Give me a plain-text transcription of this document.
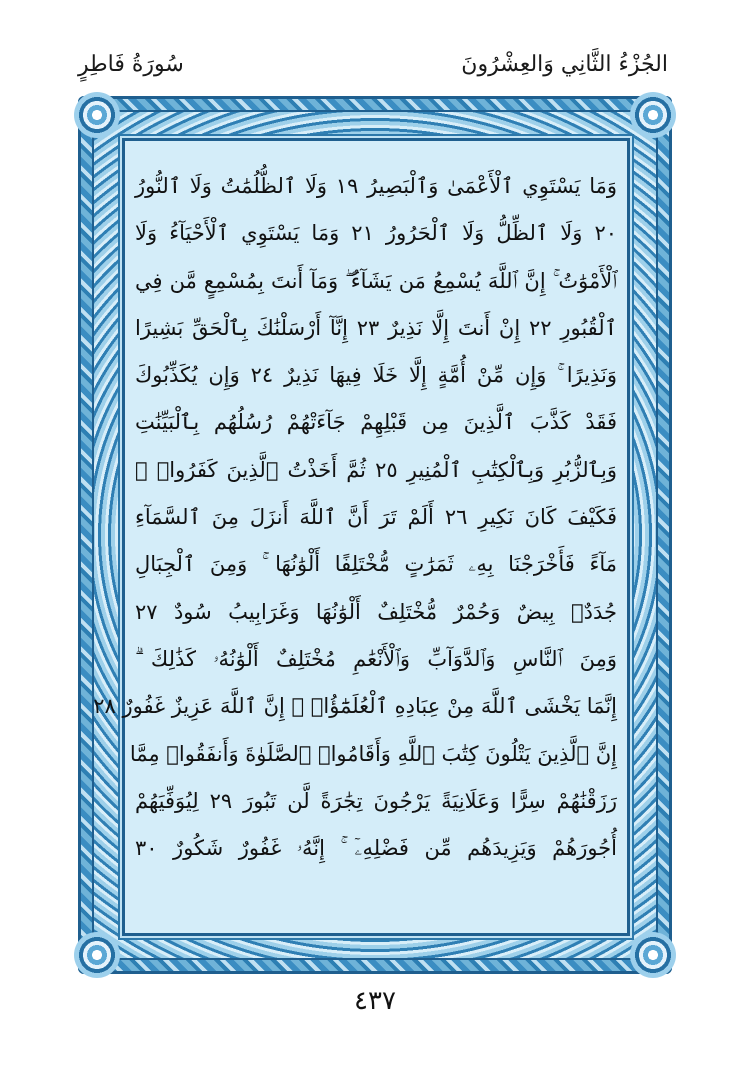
الجُزْءُ الثَّانِي وَالعِشْرُونَ
سُورَةُ فَاطِرٍ
وَمَا يَسْتَوِي ٱلْأَعْمَىٰ وَٱلْبَصِيرُ ١٩ وَلَا ٱلظُّلُمَٰتُ وَلَا ٱلنُّورُ
٢٠ وَلَا ٱلظِّلُّ وَلَا ٱلْحَرُورُ ٢١ وَمَا يَسْتَوِي ٱلْأَحْيَآءُ وَلَا
ٱلْأَمْوَٰتُ ۚ إِنَّ ٱللَّهَ يُسْمِعُ مَن يَشَآءُ ۖ وَمَآ أَنتَ بِمُسْمِعٍ مَّن فِي
ٱلْقُبُورِ ٢٢ إِنْ أَنتَ إِلَّا نَذِيرٌ ٢٣ إِنَّآ أَرْسَلْنَٰكَ بِٱلْحَقِّ بَشِيرًا
وَنَذِيرًا ۚ وَإِن مِّنْ أُمَّةٍ إِلَّا خَلَا فِيهَا نَذِيرٌ ٢٤ وَإِن يُكَذِّبُوكَ
فَقَدْ كَذَّبَ ٱلَّذِينَ مِن قَبْلِهِمْ جَآءَتْهُمْ رُسُلُهُم بِٱلْبَيِّنَٰتِ
وَبِٱلزُّبُرِ وَبِٱلْكِتَٰبِ ٱلْمُنِيرِ ٢٥ ثُمَّ أَخَذْتُ ٱلَّذِينَ كَفَرُوا۟ ۖ
فَكَيْفَ كَانَ نَكِيرِ ٢٦ أَلَمْ تَرَ أَنَّ ٱللَّهَ أَنزَلَ مِنَ ٱلسَّمَآءِ
مَآءً فَأَخْرَجْنَا بِهِۦ ثَمَرَٰتٍ مُّخْتَلِفًا أَلْوَٰنُهَا ۚ وَمِنَ ٱلْجِبَالِ
جُدَدٌۢ بِيضٌ وَحُمْرٌ مُّخْتَلِفٌ أَلْوَٰنُهَا وَغَرَابِيبُ سُودٌ ٢٧
وَمِنَ ٱلنَّاسِ وَٱلدَّوَآبِّ وَٱلْأَنْعَٰمِ مُخْتَلِفٌ أَلْوَٰنُهُۥ كَذَٰلِكَ ۗ
إِنَّمَا يَخْشَى ٱللَّهَ مِنْ عِبَادِهِ ٱلْعُلَمَٰٓؤُا۟ ۗ إِنَّ ٱللَّهَ عَزِيزٌ غَفُورٌ ٢٨
إِنَّ ٱلَّذِينَ يَتْلُونَ كِتَٰبَ ٱللَّهِ وَأَقَامُوا۟ ٱلصَّلَوٰةَ وَأَنفَقُوا۟ مِمَّا
رَزَقْنَٰهُمْ سِرًّا وَعَلَانِيَةً يَرْجُونَ تِجَٰرَةً لَّن تَبُورَ ٢٩ لِيُوَفِّيَهُمْ
أُجُورَهُمْ وَيَزِيدَهُم مِّن فَضْلِهِۦٓ ۚ إِنَّهُۥ غَفُورٌ شَكُورٌ ٣٠
٤٣٧
